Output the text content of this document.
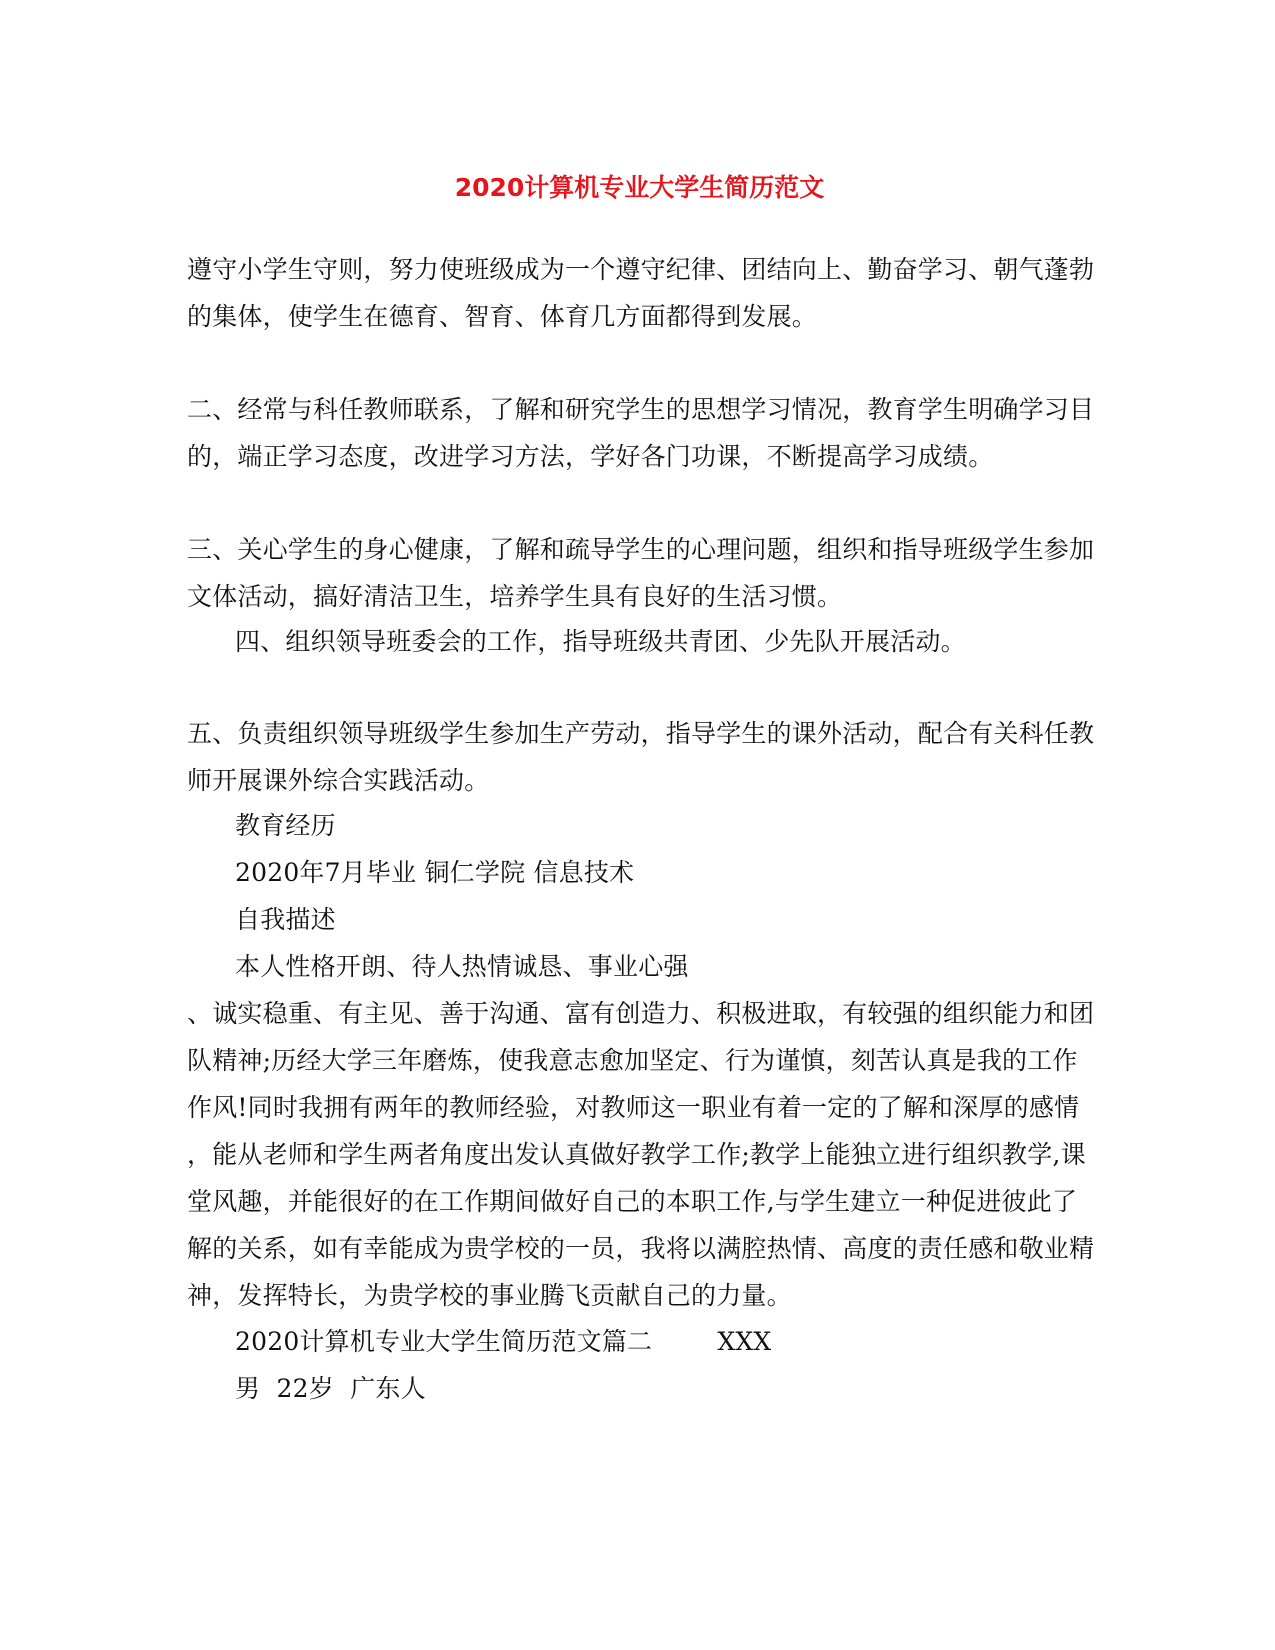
2020计算机专业大学生简历范文
遵守小学生守则，努力使班级成为一个遵守纪律、团结向上、勤奋学习、朝气蓬勃
的集体，使学生在德育、智育、体育几方面都得到发展。
二、经常与科任教师联系，了解和研究学生的思想学习情况，教育学生明确学习目
的，端正学习态度，改进学习方法，学好各门功课，不断提高学习成绩。
三、关心学生的身心健康，了解和疏导学生的心理问题，组织和指导班级学生参加
文体活动，搞好清洁卫生，培养学生具有良好的生活习惯。
四、组织领导班委会的工作，指导班级共青团、少先队开展活动。
五、负责组织领导班级学生参加生产劳动，指导学生的课外活动，配合有关科任教
师开展课外综合实践活动。
教育经历
2020年7月毕业 铜仁学院 信息技术
自我描述
本人性格开朗、待人热情诚恳、事业心强
、诚实稳重、有主见、善于沟通、富有创造力、积极进取，有较强的组织能力和团
队精神;历经大学三年磨炼，使我意志愈加坚定、行为谨慎，刻苦认真是我的工作
作风!同时我拥有两年的教师经验，对教师这一职业有着一定的了解和深厚的感情
，能从老师和学生两者角度出发认真做好教学工作;教学上能独立进行组织教学,课
堂风趣，并能很好的在工作期间做好自己的本职工作,与学生建立一种促进彼此了
解的关系，如有幸能成为贵学校的一员，我将以满腔热情、高度的责任感和敬业精
神，发挥特长，为贵学校的事业腾飞贡献自己的力量。
2020计算机专业大学生简历范文篇二        XXX
男  22岁  广东人
